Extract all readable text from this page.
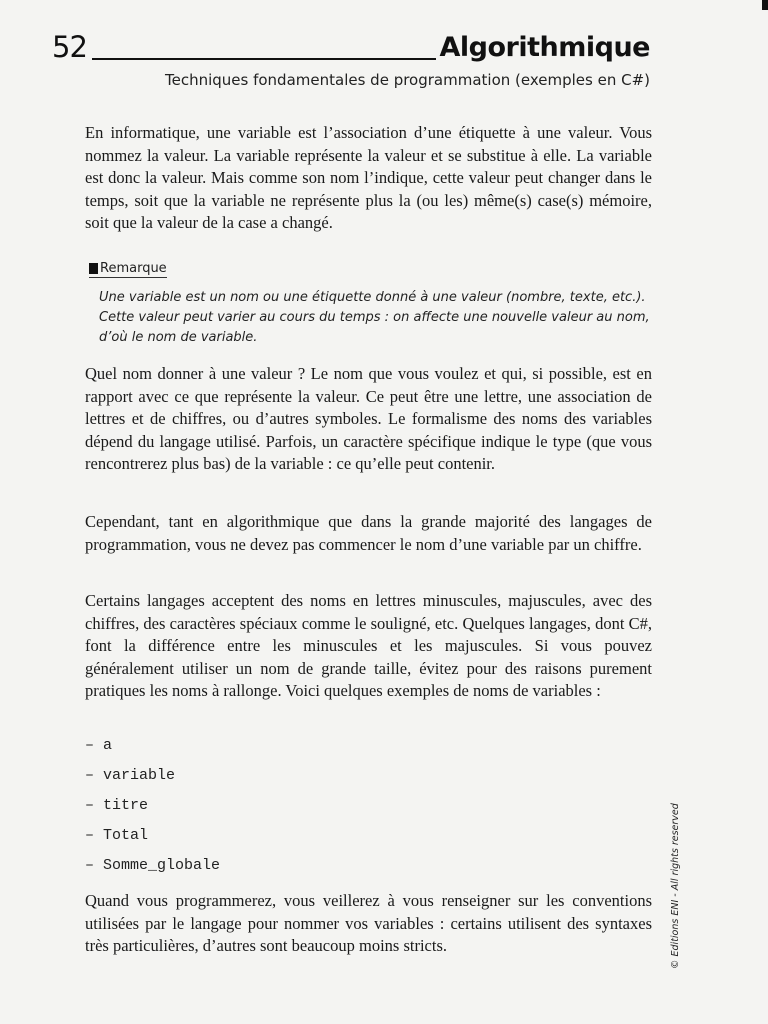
52	Algorithmique
Techniques fondamentales de programmation (exemples en C#)

En informatique, une variable est l’association d’une étiquette à une valeur. Vous nommez la valeur. La variable représente la valeur et se substitue à elle. La variable est donc la valeur. Mais comme son nom l’indique, cette valeur peut changer dans le temps, soit que la variable ne représente plus la (ou les) même(s) case(s) mémoire, soit que la valeur de la case a changé.

Remarque

Une variable est un nom ou une étiquette donné à une valeur (nombre, texte, etc.). Cette valeur peut varier au cours du temps : on affecte une nouvelle valeur au nom, d’où le nom de variable.

Quel nom donner à une valeur ? Le nom que vous voulez et qui, si possible, est en rapport avec ce que représente la valeur. Ce peut être une lettre, une association de lettres et de chiffres, ou d’autres symboles. Le formalisme des noms des variables dépend du langage utilisé. Parfois, un caractère spécifique indique le type (que vous rencontrerez plus bas) de la variable : ce qu’elle peut contenir.

Cependant, tant en algorithmique que dans la grande majorité des langages de programmation, vous ne devez pas commencer le nom d’une variable par un chiffre.

Certains langages acceptent des noms en lettres minuscules, majuscules, avec des chiffres, des caractères spéciaux comme le souligné, etc. Quelques langages, dont C#, font la différence entre les minuscules et les majuscules. Si vous pouvez généralement utiliser un nom de grande taille, évitez pour des raisons purement pratiques les noms à rallonge. Voici quelques exemples de noms de variables :

– a
– variable
– titre
– Total
– Somme_globale

Quand vous programmerez, vous veillerez à vous renseigner sur les conventions utilisées par le langage pour nommer vos variables : certains utilisent des syntaxes très particulières, d’autres sont beaucoup moins stricts.	© Editions ENI - All rights reserved
